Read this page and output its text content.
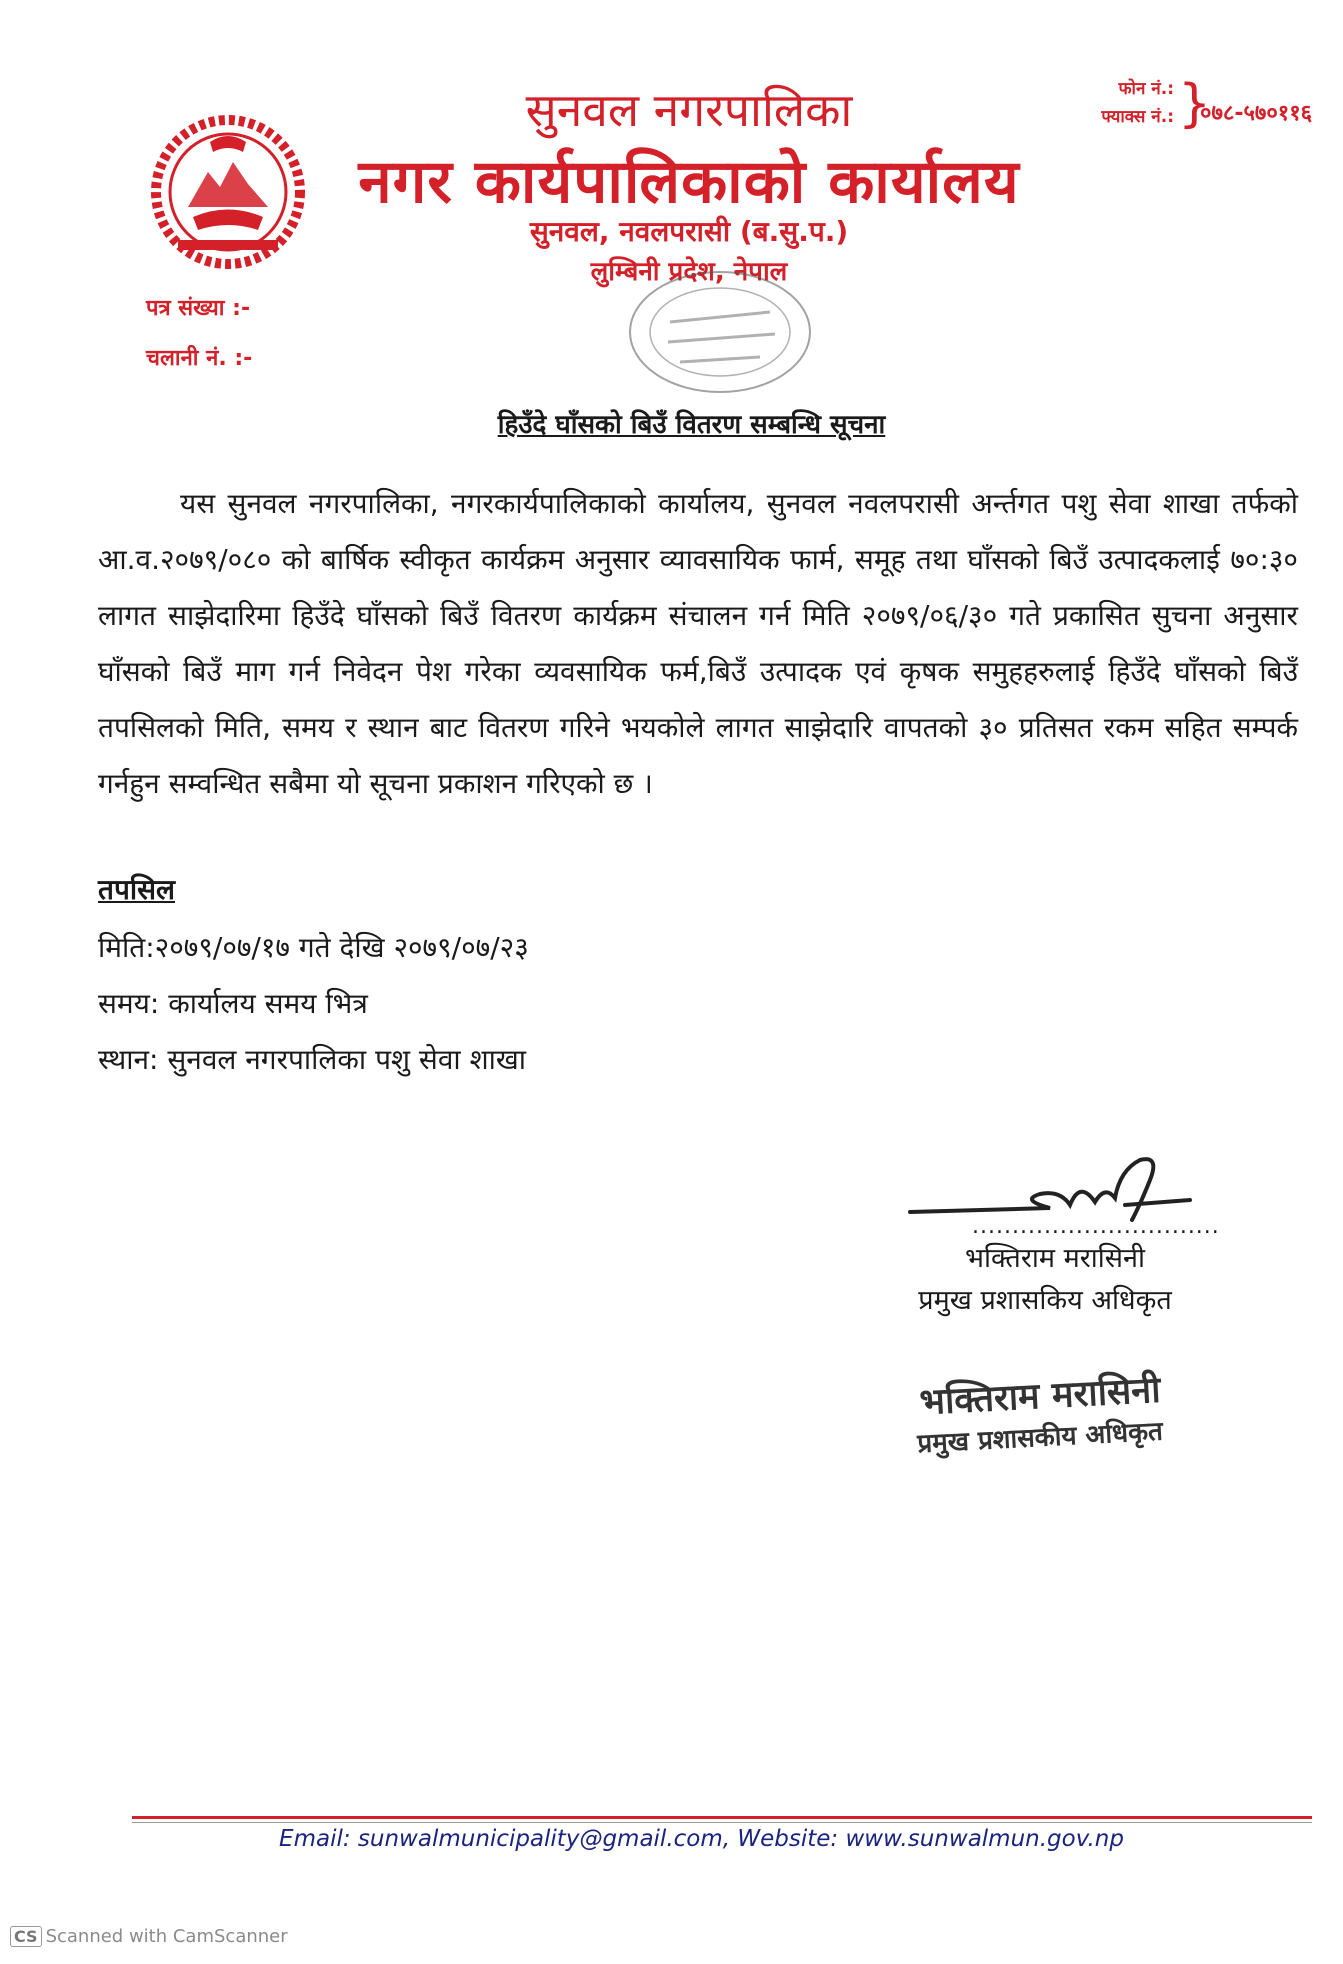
सुनवल नगरपालिका
नगर कार्यपालिकाको कार्यालय
सुनवल, नवलपरासी (ब.सु.प.)
लुम्बिनी प्रदेश, नेपाल
फोन नं.:
फ्याक्स नं.: }
०७८-५७०११६
पत्र संख्या :-
चलानी नं. :-
हिउँदे घाँसको बिउँ वितरण सम्बन्धि सूचना
यस सुनवल नगरपालिका, नगरकार्यपालिकाको कार्यालय, सुनवल नवलपरासी अर्न्तगत पशु सेवा शाखा तर्फको आ.व.२०७९/०८० को बार्षिक स्वीकृत कार्यक्रम अनुसार व्यावसायिक फार्म, समूह तथा घाँसको बिउँ उत्पादकलाई ७०:३० लागत साझेदारिमा हिउँदे घाँसको बिउँ वितरण कार्यक्रम संचालन गर्न मिति २०७९/०६/३० गते प्रकासित सुचना अनुसार घाँसको बिउँ माग गर्न निवेदन पेश गरेका व्यवसायिक फर्म,बिउँ उत्पादक एवं कृषक समुहहरुलाई हिउँदे घाँसको बिउँ तपसिलको मिति, समय र स्थान बाट वितरण गरिने भयकोले लागत साझेदारि वापतको ३० प्रतिसत रकम सहित सम्पर्क गर्नहुन सम्वन्धित सबैमा यो सूचना प्रकाशन गरिएको छ ।
तपसिल
मिति:२०७९/०७/१७ गते देखि २०७९/०७/२३
समय: कार्यालय समय भित्र
स्थान: सुनवल नगरपालिका पशु सेवा शाखा
...............................
भक्तिराम मरासिनी
प्रमुख प्रशासकिय अधिकृत
भक्तिराम मरासिनी
प्रमुख प्रशासकीय अधिकृत
Email: sunwalmunicipality@gmail.com, Website: www.sunwalmun.gov.np
CS Scanned with CamScanner
